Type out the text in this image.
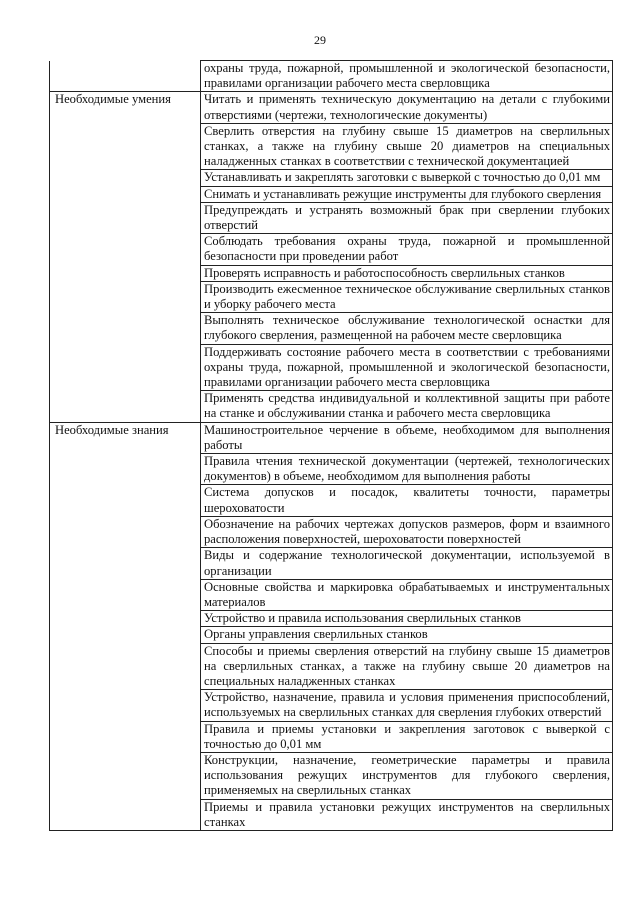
29
	охраны труда, пожарной, промышленной и экологической безопасности, правилами организации рабочего места сверловщика
Необходимые умения	Читать и применять техническую документацию на детали с глубокими отверстиями (чертежи, технологические документы)
	Сверлить отверстия на глубину свыше 15 диаметров на сверлильных станках, а также на глубину свыше 20 диаметров на специальных наладженных станках в соответствии с технической документацией
	Устанавливать и закреплять заготовки с выверкой с точностью до 0,01 мм
	Снимать и устанавливать режущие инструменты для глубокого сверления
	Предупреждать и устранять возможный брак при сверлении глубоких отверстий
	Соблюдать требования охраны труда, пожарной и промышленной безопасности при проведении работ
	Проверять исправность и работоспособность сверлильных станков
	Производить ежесменное техническое обслуживание сверлильных станков и уборку рабочего места
	Выполнять техническое обслуживание технологической оснастки для глубокого сверления, размещенной на рабочем месте сверловщика
	Поддерживать состояние рабочего места в соответствии с требованиями охраны труда, пожарной, промышленной и экологической безопасности, правилами организации рабочего места сверловщика
	Применять средства индивидуальной и коллективной защиты при работе на станке и обслуживании станка и рабочего места сверловщика
Необходимые знания	Машиностроительное черчение в объеме, необходимом для выполнения работы
	Правила чтения технической документации (чертежей, технологических документов) в объеме, необходимом для выполнения работы
	Система допусков и посадок, квалитеты точности, параметры шероховатости
	Обозначение на рабочих чертежах допусков размеров, форм и взаимного расположения поверхностей, шероховатости поверхностей
	Виды и содержание технологической документации, используемой в организации
	Основные свойства и маркировка обрабатываемых и инструментальных материалов
	Устройство и правила использования сверлильных станков
	Органы управления сверлильных станков
	Способы и приемы сверления отверстий на глубину свыше 15 диаметров на сверлильных станках, а также на глубину свыше 20 диаметров на специальных наладженных станках
	Устройство, назначение, правила и условия применения приспособлений, используемых на сверлильных станках для сверления глубоких отверстий
	Правила и приемы установки и закрепления заготовок с выверкой с точностью до 0,01 мм
	Конструкции, назначение, геометрические параметры и правила использования режущих инструментов для глубокого сверления, применяемых на сверлильных станках
	Приемы и правила установки режущих инструментов на сверлильных станках
